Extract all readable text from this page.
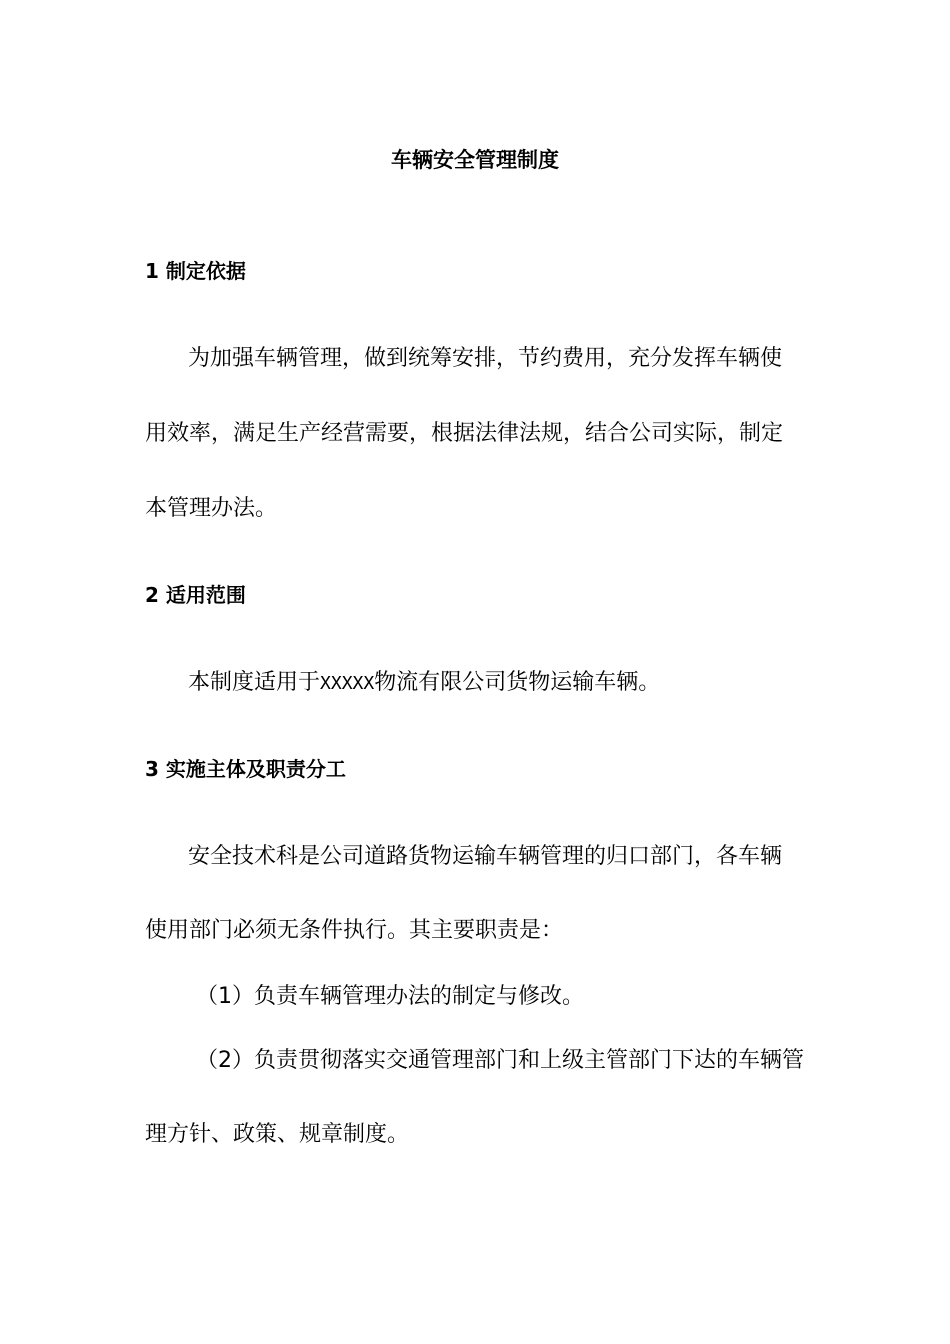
车辆安全管理制度
1 制定依据
为加强车辆管理，做到统筹安排，节约费用，充分发挥车辆使
用效率，满足生产经营需要，根据法律法规，结合公司实际，制定
本管理办法。
2 适用范围
本制度适用于XXXXX物流有限公司货物运输车辆。
3 实施主体及职责分工
安全技术科是公司道路货物运输车辆管理的归口部门，各车辆
使用部门必须无条件执行。其主要职责是：
（1）负责车辆管理办法的制定与修改。
（2）负责贯彻落实交通管理部门和上级主管部门下达的车辆管
理方针、政策、规章制度。
